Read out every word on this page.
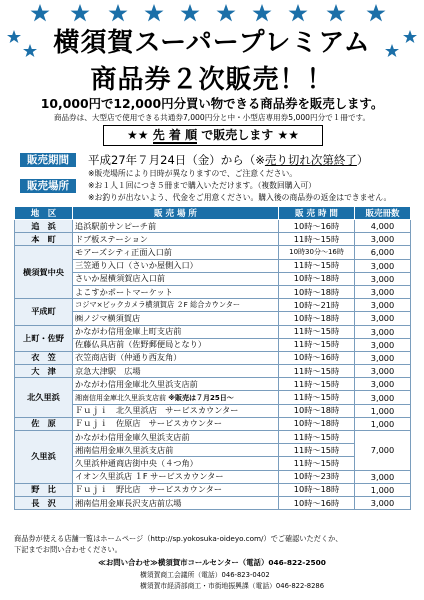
横須賀スーパープレミアム
商品券２次販売！！
10,000円で12,000円分買い物できる商品券を販売します。
商品券は、大型店で使用できる共通券7,000円分と中・小型店専用券5,000円分で１冊です。
★★ 先 着 順 で販売します ★★
販売期間	平成27年７月24日（金）から（※売り切れ次第終了）
※販売場所により日時が異なりますので、ご注意ください。
販売場所	※お１人１回につき５冊まで購入いただけます。（複数回購入可）
※お釣りが出ないよう、代金をご用意ください。購入後の商品券の返金はできません。
地　区	販 売 場 所	販 売 時 間	販売冊数
追　浜	追浜駅前サンピーチ前	10時～16時	4,000
本　町	ドブ板ステーション	11時～15時	3,000
横須賀中央	モアーズシティ正面入口前	10時30分～16時	6,000
	三笠通り入口（さいか屋側入口）	11時～15時	3,000
	さいか屋横須賀店入口前	10時～18時	3,000
	よこすかポートマーケット	10時～18時	3,000
平成町	コジマ×ビックカメラ横須賀店 ２F 総合カウンター	10時～21時	3,000
	㈱ノジマ横須賀店	10時～18時	3,000
上町・佐野	かながわ信用金庫上町支店前	11時～15時	3,000
	佐藤仏具店前（佐野郵便局となり）	11時～15時	3,000
衣　笠	衣笠商店街（仲通り西友角）	10時～16時	3,000
大　津	京急大津駅　広場	11時～15時	3,000
北久里浜	かながわ信用金庫北久里浜支店前	11時～15時	3,000
	湘南信用金庫北久里浜支店前 ※販売は７月25日～	11時～15時	3,000
	Ｆｕｊｉ　北久里浜店　サービスカウンター	10時～18時	1,000
佐　原	Ｆｕｊｉ　佐原店　サービスカウンター	10時～18時	1,000
久里浜	かながわ信用金庫久里浜支店前	11時～15時	7,000
	湘南信用金庫久里浜支店前	11時～15時	
	久里浜仲通商店街中央（４つ角）	11時～15時	
	イオン久里浜店 １F サービスカウンター	10時～23時	3,000
野　比	Ｆｕｊｉ　野比店　サービスカウンター	10時～18時	1,000
長　沢	湘南信用金庫長沢支店前広場	10時～16時	3,000
商品券が使える店舗一覧はホームページ（http://sp.yokosuka-oideyo.com/）でご確認いただくか、
下記までお問い合わせください。
≪お問い合わせ≫横須賀市コールセンター（電話）046-822-2500
横須賀商工会議所（電話）046-823-0402
横須賀市経済部商工・市街地振興課（電話）046-822-8286
